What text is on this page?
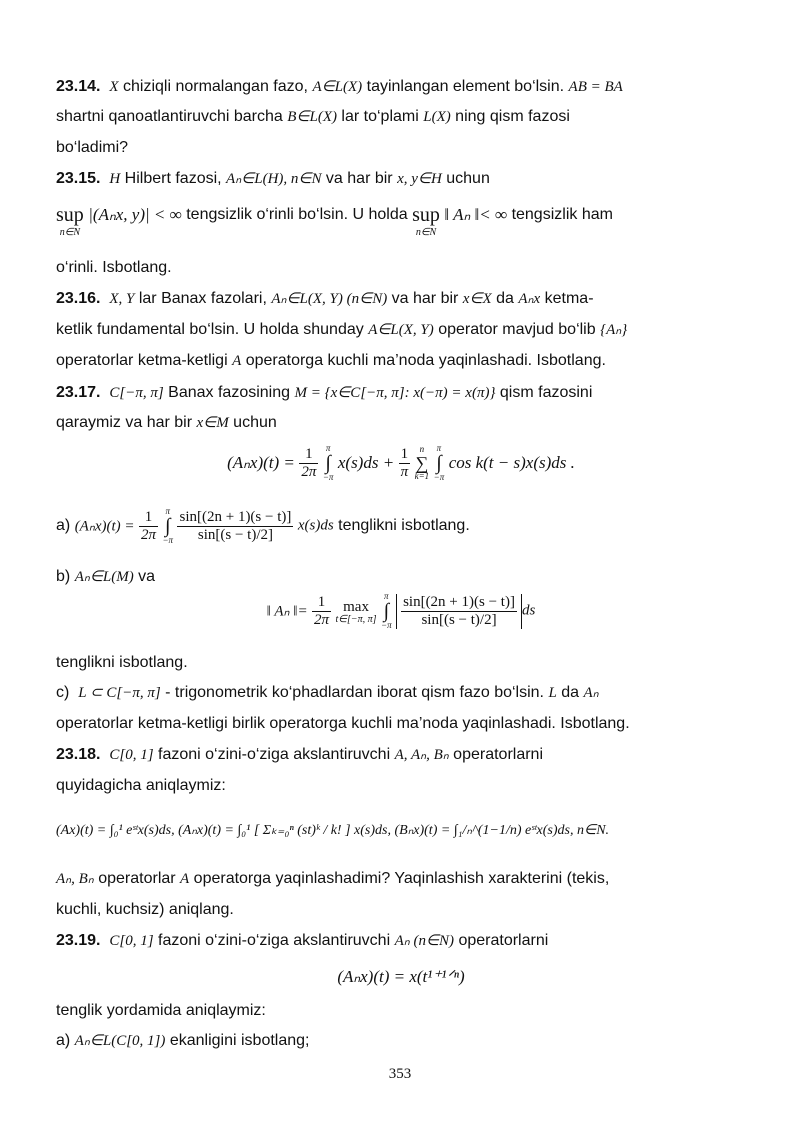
23.14. X chiziqli normalangan fazo, A∈L(X) tayinlangan element bo‘lsin. AB = BA
shartni qanoatlantiruvchi barcha B∈L(X) lar to‘plami L(X) ning qism fazosi
bo‘ladimi?
23.15. H Hilbert fazosi, Aₙ∈L(H), n∈N va har bir x, y∈H uchun
sup
n∈N
|(Aₙx, y)| < ∞ tengsizlik o‘rinli bo‘lsin. U holda sup
n∈N
‖ Aₙ ‖< ∞ tengsizlik ham
o‘rinli. Isbotlang.
23.16. X, Y lar Banax fazolari, Aₙ∈L(X, Y) (n∈N) va har bir x∈X da Aₙx ketma-
ketlik fundamental bo‘lsin. U holda shunday A∈L(X, Y) operator mavjud bo‘lib {Aₙ}
operatorlar ketma-ketligi A operatorga kuchli ma’noda yaqinlashadi. Isbotlang.
23.17. C[−π, π] Banax fazosining M = {x∈C[−π, π]: x(−π) = x(π)} qism fazosini
qaraymiz va har bir x∈M uchun
$(A_nx)(t) = \frac{1}{2\pi}$
π
∫
−π
$x(s)ds + \frac{1}{\pi}$
	n
∑
k=1

π
∫
−π
cos k(t − s)x(s)ds .
a) $(A_nx)(t) = \frac{1}{2\pi}$
π
∫
−π
$\frac{\sin[(2n + 1)(s - t)]}{\sin[(s - t)/2]} x(s)ds$ tenglikni isbotlang.
b) Aₙ∈L(M) va
‖ Aₙ ‖= $\frac{1}{2\pi}$ max
t∈[−π, π]

π
∫
−π
$\frac{\sin[(2n + 1)(s - t)]}{\sin[(s - t)/2]}$ ds
tenglikni isbotlang.
c) L ⊂ C[−π, π] - trigonometrik ko‘phadlardan iborat qism fazo bo‘lsin. L da Aₙ
operatorlar ketma-ketligi birlik operatorga kuchli ma’noda yaqinlashadi. Isbotlang.
23.18. C[0, 1] fazoni o‘zini-o‘ziga akslantiruvchi A, Aₙ, Bₙ operatorlarni
quyidagicha aniqlaymiz:
(Ax)(t) = ∫₀¹ eˢᵗx(s)ds, (Aₙx)(t) = ∫₀¹ [ Σₖ₌₀ⁿ (st)ᵏ / k! ] x(s)ds, (Bₙx)(t) = ∫₁/ₙ^(1−1/n) eˢᵗx(s)ds, n∈N.
Aₙ, Bₙ operatorlar A operatorga yaqinlashadimi? Yaqinlashish xarakterini (tekis,
kuchli, kuchsiz) aniqlang.
23.19. C[0, 1] fazoni o‘zini-o‘ziga akslantiruvchi Aₙ (n∈N) operatorlarni
(Aₙx)(t) = x(t¹⁺¹ᐟⁿ)
tenglik yordamida aniqlaymiz:
a) Aₙ∈L(C[0, 1]) ekanligini isbotlang;
353
